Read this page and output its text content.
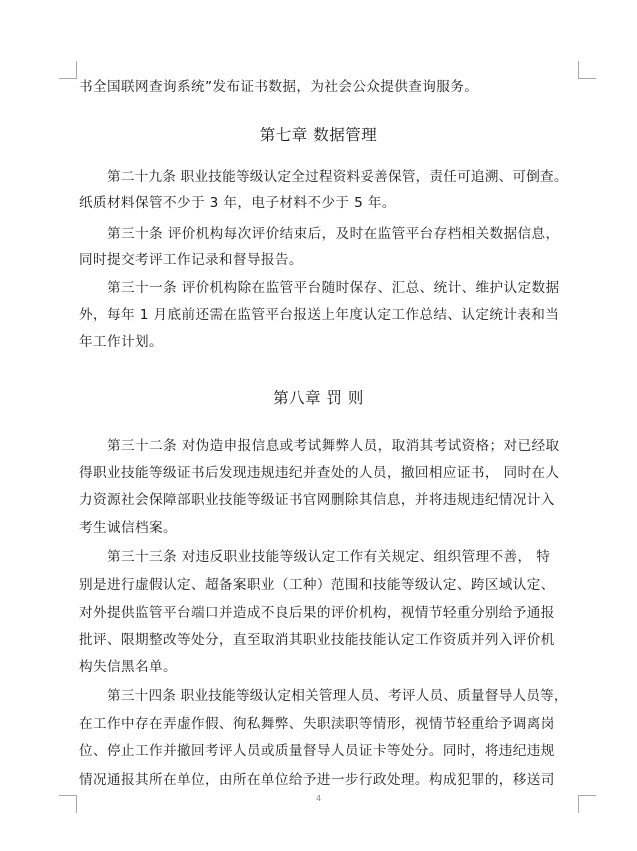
书全国联网查询系统”发布证书数据，为社会公众提供查询服务。
第七章 数据管理
第二十九条 职业技能等级认定全过程资料妥善保管，责任可追溯、可倒查。
纸质材料保管不少于 3 年，电子材料不少于 5 年。
第三十条 评价机构每次评价结束后，及时在监管平台存档相关数据信息，
同时提交考评工作记录和督导报告。
第三十一条 评价机构除在监管平台随时保存、汇总、统计、维护认定数据
外，每年 1 月底前还需在监管平台报送上年度认定工作总结、认定统计表和当
年工作计划。
第八章 罚 则
第三十二条 对伪造申报信息或考试舞弊人员，取消其考试资格；对已经取
得职业技能等级证书后发现违规违纪并查处的人员，撤回相应证书， 同时在人
力资源社会保障部职业技能等级证书官网删除其信息，并将违规违纪情况计入
考生诚信档案。
第三十三条 对违反职业技能等级认定工作有关规定、组织管理不善， 特
别是进行虚假认定、超备案职业（工种）范围和技能等级认定、跨区域认定、
对外提供监管平台端口并造成不良后果的评价机构，视情节轻重分别给予通报
批评、限期整改等处分，直至取消其职业技能技能认定工作资质并列入评价机
构失信黑名单。
第三十四条 职业技能等级认定相关管理人员、考评人员、质量督导人员等，
在工作中存在弄虚作假、徇私舞弊、失职渎职等情形，视情节轻重给予调离岗
位、停止工作并撤回考评人员或质量督导人员证卡等处分。同时，将违纪违规
情况通报其所在单位，由所在单位给予进一步行政处理。构成犯罪的，移送司
4
